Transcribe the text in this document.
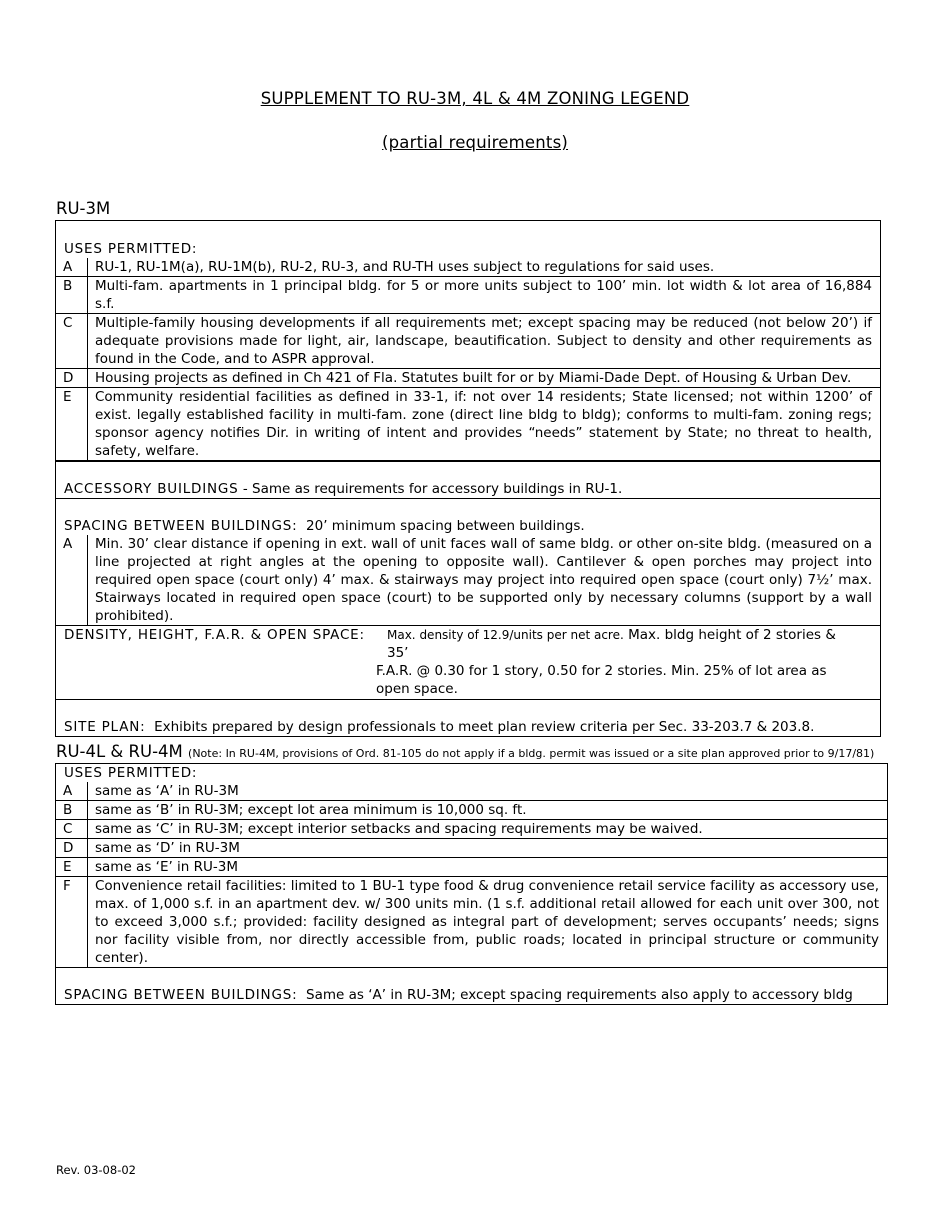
SUPPLEMENT TO RU-3M, 4L & 4M ZONING LEGEND
(partial requirements)
RU-3M
USES PERMITTED:
A	RU-1, RU-1M(a), RU-1M(b), RU-2, RU-3, and RU-TH uses subject to regulations for said uses.
B	Multi-fam. apartments in 1 principal bldg. for 5 or more units subject to 100’ min. lot width & lot area of 16,884 s.f.
C	Multiple-family housing developments if all requirements met; except spacing may be reduced (not below 20’) if adequate provisions made for light, air, landscape, beautification. Subject to density and other requirements as found in the Code, and to ASPR approval.
D	Housing projects as defined in Ch 421 of Fla. Statutes built for or by Miami-Dade Dept. of Housing & Urban Dev.
E	Community residential facilities as defined in 33-1, if: not over 14 residents; State licensed; not within 1200’ of exist. legally established facility in multi-fam. zone (direct line bldg to bldg); conforms to multi-fam. zoning regs; sponsor agency notifies Dir. in writing of intent and provides “needs” statement by State; no threat to health, safety, welfare.
ACCESSORY BUILDINGS
- Same as requirements for accessory buildings in RU-1.
SPACING BETWEEN BUILDINGS:
20’ minimum spacing between buildings.
A	Min. 30’ clear distance if opening in ext. wall of unit faces wall of same bldg. or other on-site bldg. (measured on a line projected at right angles at the opening to opposite wall). Cantilever & open porches may project into required open space (court only) 4’ max. & stairways may project into required open space (court only) 7½’ max. Stairways located in required open space (court) to be supported only by necessary columns (support by a wall prohibited).
DENSITY, HEIGHT, F.A.R. & OPEN SPACE: Max. density of 12.9/units per net acre. Max. bldg height of 2 stories & 35’
F.A.R. @ 0.30 for 1 story, 0.50 for 2 stories. Min. 25% of lot area as open space.
SITE PLAN:
Exhibits prepared by design professionals to meet plan review criteria per Sec. 33-203.7 & 203.8.
RU-4L & RU-4M (Note: In RU-4M, provisions of Ord. 81-105 do not apply if a bldg. permit was issued or a site plan approved prior to 9/17/81)
USES PERMITTED:
A	same as ‘A’ in RU-3M
B	same as ‘B’ in RU-3M; except lot area minimum is 10,000 sq. ft.
C	same as ‘C’ in RU-3M; except interior setbacks and spacing requirements may be waived.
D	same as ‘D’ in RU-3M
E	same as ‘E’ in RU-3M
F	Convenience retail facilities: limited to 1 BU-1 type food & drug convenience retail service facility as accessory use, max. of 1,000 s.f. in an apartment dev. w/ 300 units min. (1 s.f. additional retail allowed for each unit over 300, not to exceed 3,000 s.f.; provided: facility designed as integral part of development; serves occupants’ needs; signs nor facility visible from, nor directly accessible from, public roads; located in principal structure or community center).
SPACING BETWEEN BUILDINGS: Same as ‘A’ in RU-3M; except spacing requirements also apply to accessory bldg
Rev. 03-08-02
